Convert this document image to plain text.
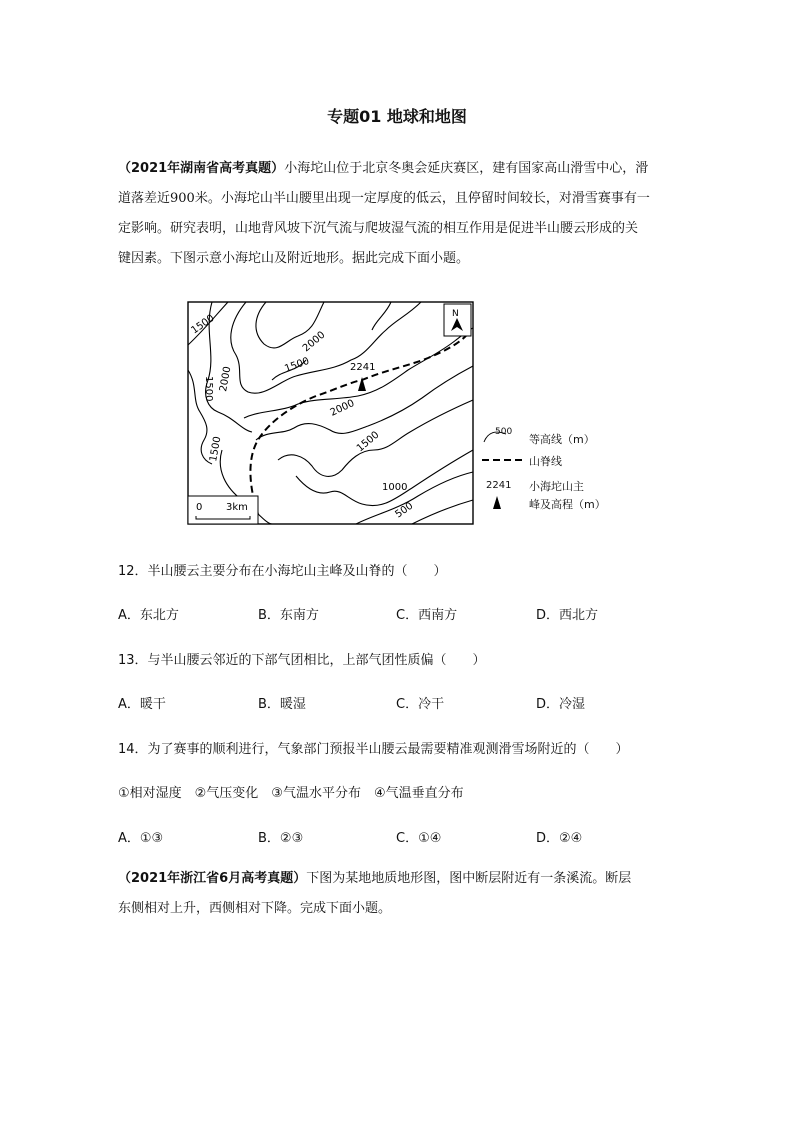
专题01 地球和地图
（2021年湖南省高考真题）小海坨山位于北京冬奥会延庆赛区，建有国家高山滑雪中心，滑
道落差近900米。小海坨山半山腰里出现一定厚度的低云，且停留时间较长，对滑雪赛事有一
定影响。研究表明，山地背风坡下沉气流与爬坡湿气流的相互作用是促进半山腰云形成的关
键因素。下图示意小海坨山及附近地形。据此完成下面小题。
2241
N
1500
2000
1500
1500 2000
1500
2000
1500
1000
500
0 3km
500
等高线（m）
山脊线
2241 小海坨山主
峰及高程（m）
12．半山腰云主要分布在小海坨山主峰及山脊的（　　）
A．东北方	B．东南方	C．西南方	D．西北方
13．与半山腰云邻近的下部气团相比，上部气团性质偏（　　）
A．暖干	B．暖湿	C．冷干	D．冷湿
14．为了赛事的顺利进行，气象部门预报半山腰云最需要精准观测滑雪场附近的（　　）
①相对湿度　②气压变化　③气温水平分布　④气温垂直分布
A．①③	B．②③	C．①④	D．②④
（2021年浙江省6月高考真题）下图为某地地质地形图，图中断层附近有一条溪流。断层
东侧相对上升，西侧相对下降。完成下面小题。
